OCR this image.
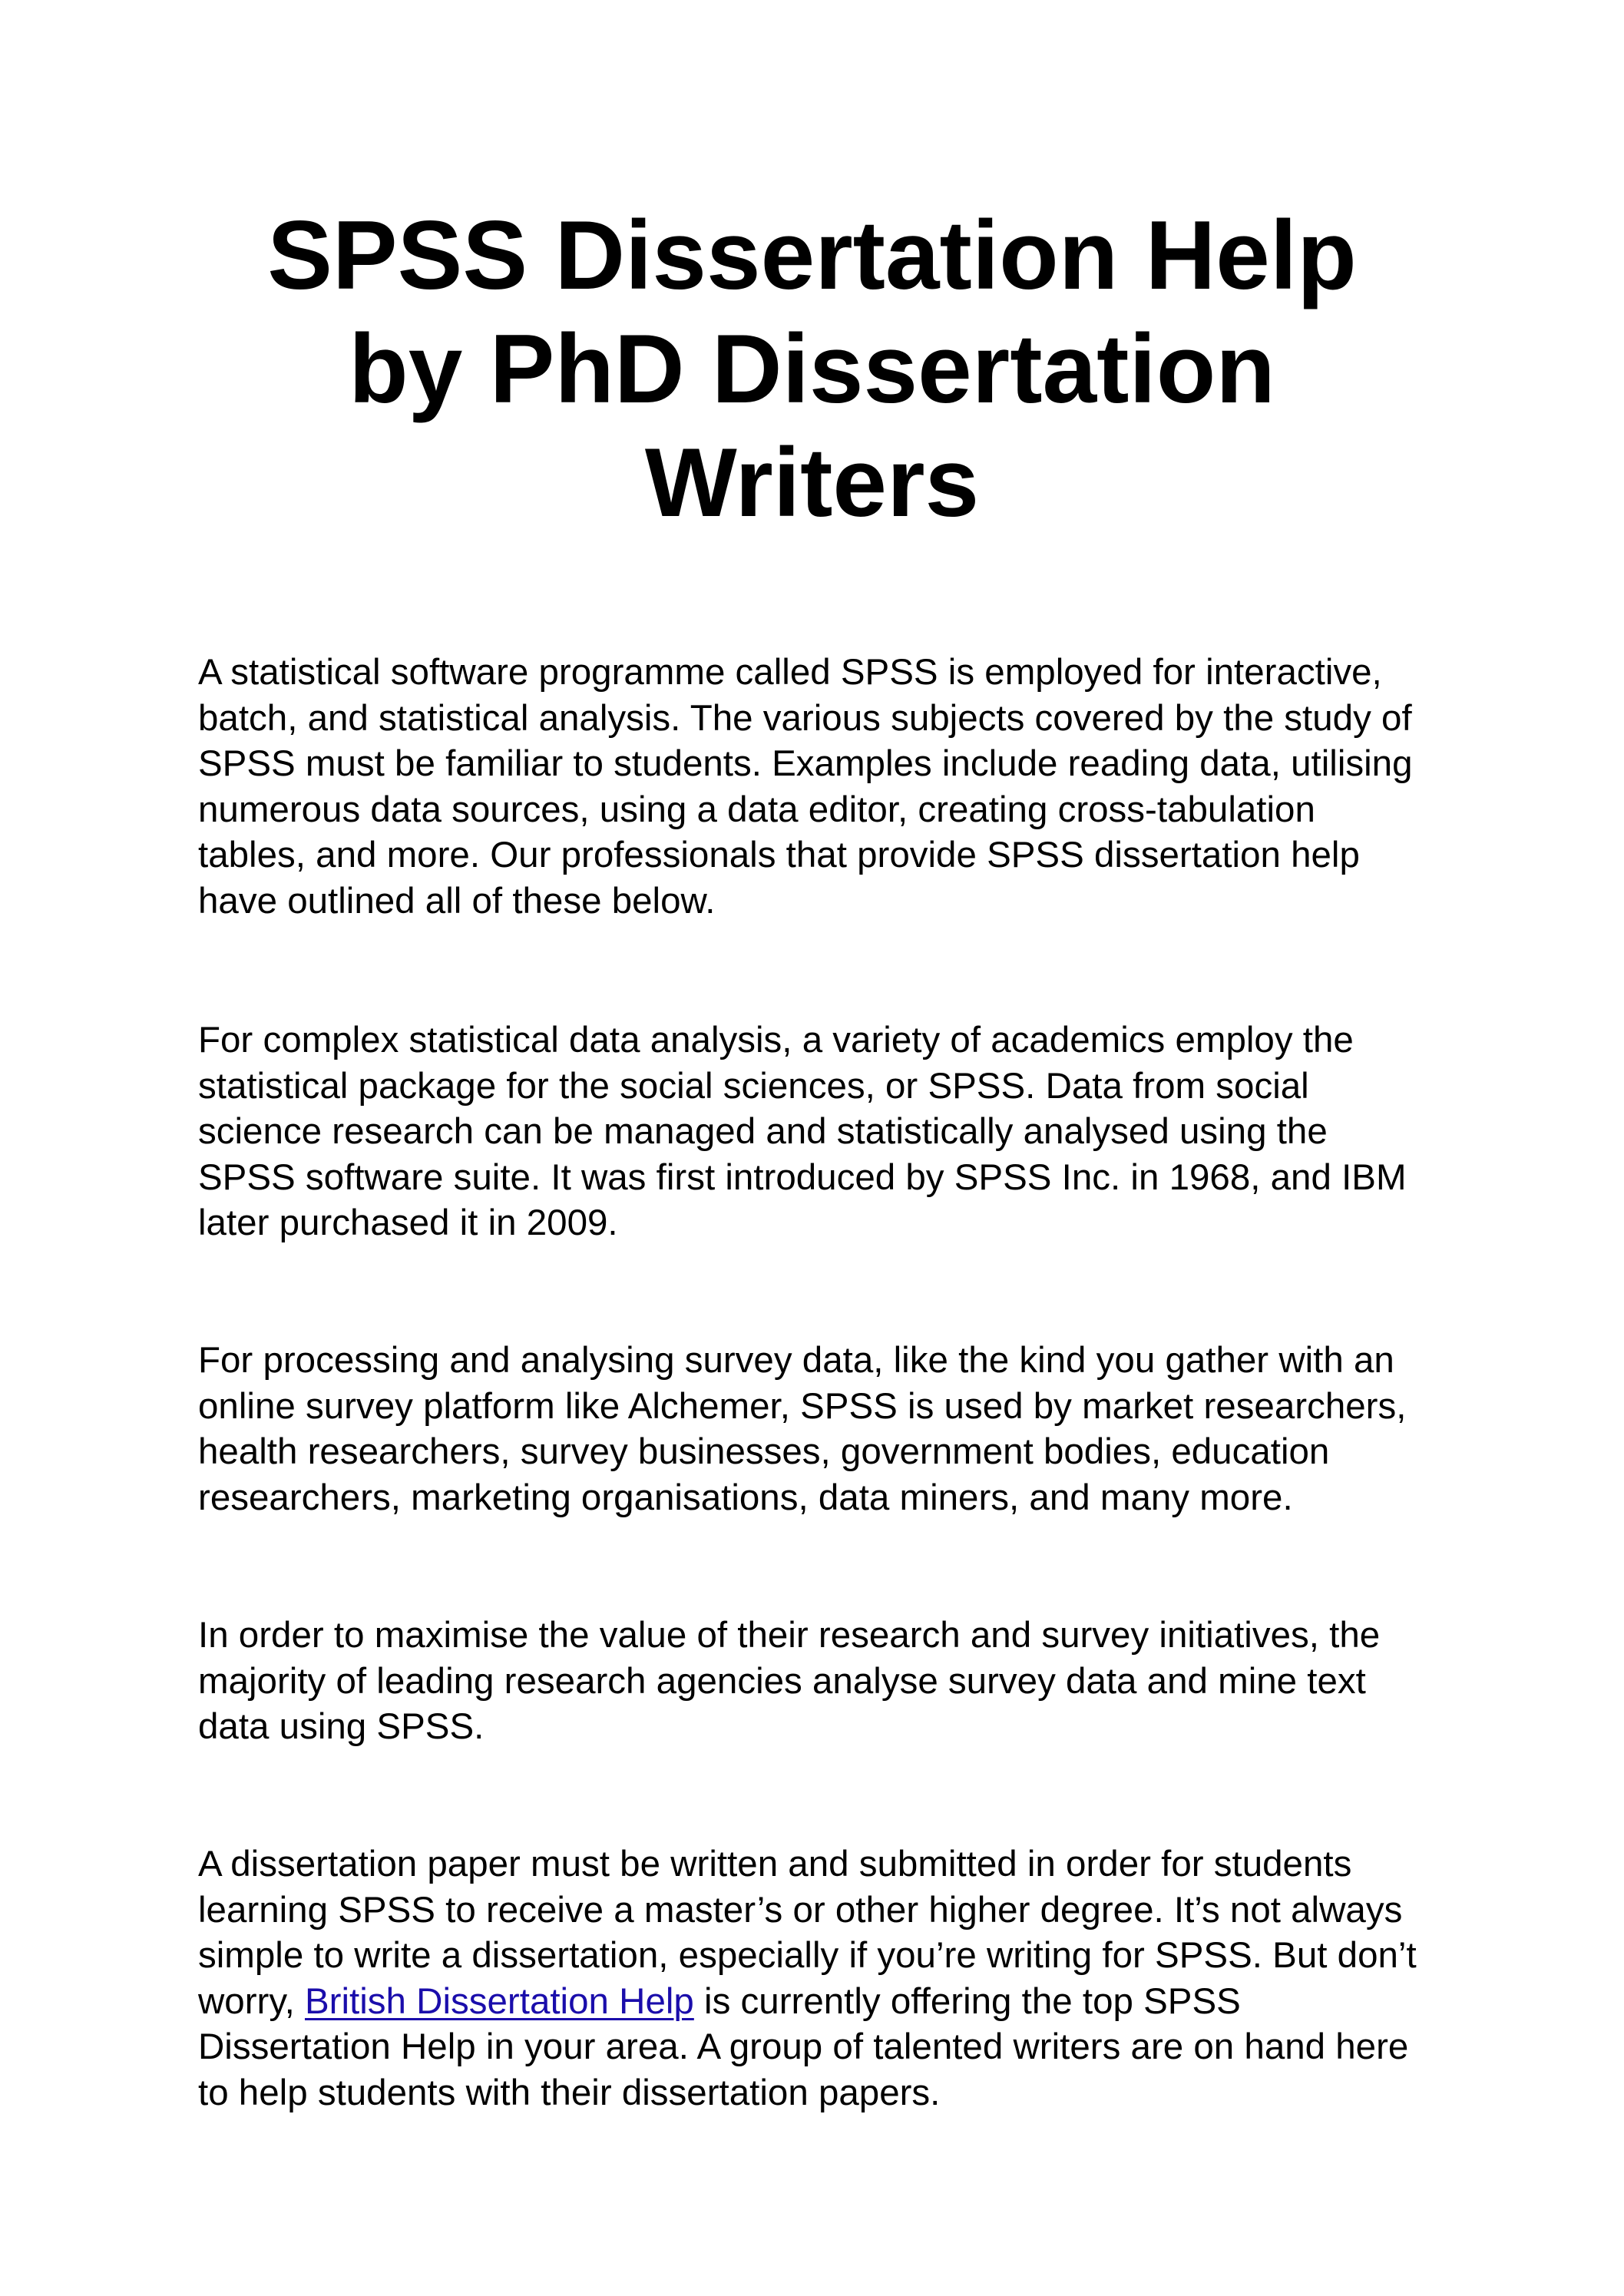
SPSS Dissertation Help
by PhD Dissertation
Writers

A statistical software programme called SPSS is employed for interactive,
batch, and statistical analysis. The various subjects covered by the study of
SPSS must be familiar to students. Examples include reading data, utilising
numerous data sources, using a data editor, creating cross-tabulation
tables, and more. Our professionals that provide SPSS dissertation help
have outlined all of these below.

For complex statistical data analysis, a variety of academics employ the
statistical package for the social sciences, or SPSS. Data from social
science research can be managed and statistically analysed using the
SPSS software suite. It was first introduced by SPSS Inc. in 1968, and IBM
later purchased it in 2009.

For processing and analysing survey data, like the kind you gather with an
online survey platform like Alchemer, SPSS is used by market researchers,
health researchers, survey businesses, government bodies, education
researchers, marketing organisations, data miners, and many more.

In order to maximise the value of their research and survey initiatives, the
majority of leading research agencies analyse survey data and mine text
data using SPSS.

A dissertation paper must be written and submitted in order for students
learning SPSS to receive a master’s or other higher degree. It’s not always
simple to write a dissertation, especially if you’re writing for SPSS. But don’t
worry, British Dissertation Help is currently offering the top SPSS
Dissertation Help in your area. A group of talented writers are on hand here
to help students with their dissertation papers.
